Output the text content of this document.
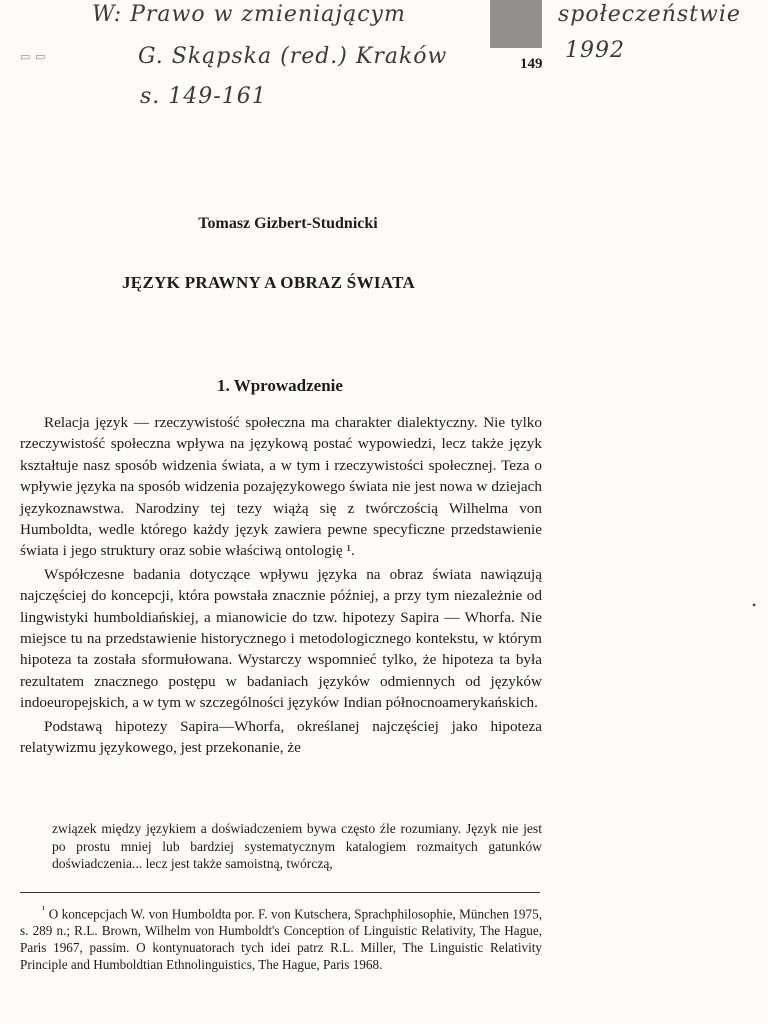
W: Prawo w zmieniającym	społeczeństwie
▭ ▭	G. Skąpska (red.) Kraków	149
1992
s. 149-161
Tomasz Gizbert-Studnicki
JĘZYK PRAWNY A OBRAZ ŚWIATA
1. Wprowadzenie

Relacja język — rzeczywistość społeczna ma charakter dialektyczny. Nie tylko rzeczywistość społeczna wpływa na językową postać wypowiedzi, lecz także język kształtuje nasz sposób widzenia świata, a w tym i rzeczywistości społecznej. Teza o wpływie języka na sposób widzenia pozajęzykowego świata nie jest nowa w dziejach językoznawstwa. Narodziny tej tezy wiążą się z twórczością Wilhelma von Humboldta, wedle którego każdy język zawiera pewne specyficzne przedstawienie świata i jego struktury oraz sobie właściwą ontologię ¹.

Współczesne badania dotyczące wpływu języka na obraz świata nawiązują najczęściej do koncepcji, która powstała znacznie później, a przy tym niezależnie od lingwistyki humboldiańskiej, a mianowicie do tzw. hipotezy Sapira — Whorfa. Nie miejsce tu na przedstawienie historycznego i metodologicznego kontekstu, w którym hipoteza ta została sformułowana. Wystarczy wspomnieć tylko, że hipoteza ta była rezultatem znacznego postępu w badaniach języków odmiennych od języków indoeuropejskich, a w tym w szczególności języków Indian północnoamerykańskich.

Podstawą hipotezy Sapira—Whorfa, określanej najczęściej jako hipoteza relatywizmu językowego, jest przekonanie, że

związek między językiem a doświadczeniem bywa często źle rozumiany. Język nie jest po prostu mniej lub bardziej systematycznym katalogiem rozmaitych gatunków doświadczenia... lecz jest także samoistną, twórczą,

$^{^1}$ O koncepcjach W. von Humboldta por. F. von Kutschera, Sprachphilosophie, München 1975, s. 289 n.; R.L. Brown, Wilhelm von Humboldt's Conception of Linguistic Relativity, The Hague, Paris 1967, passim. O kontynuatorach tych idei patrz R.L. Miller, The Linguistic Relativity Principle and Humboldtian Ethnolinguistics, The Hague, Paris 1968.

•
